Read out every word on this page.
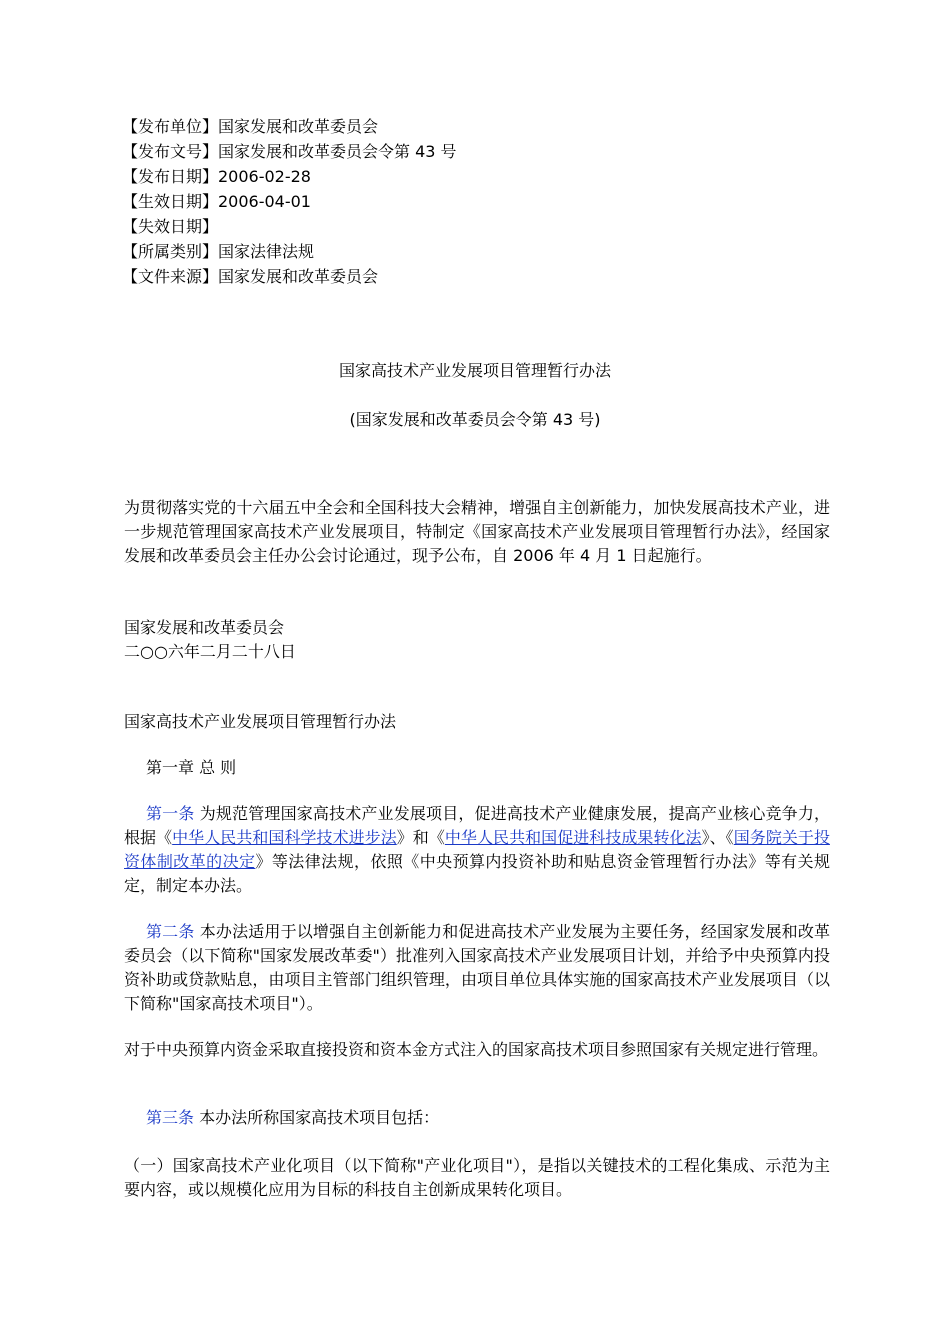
【发布单位】国家发展和改革委员会
【发布文号】国家发展和改革委员会令第 43 号
【发布日期】2006-02-28
【生效日期】2006-04-01
【失效日期】
【所属类别】国家法律法规
【文件来源】国家发展和改革委员会
国家高技术产业发展项目管理暂行办法
(国家发展和改革委员会令第 43 号)
为贯彻落实党的十六届五中全会和全国科技大会精神，增强自主创新能力，加快发展高技术产业，进一步规范管理国家高技术产业发展项目，特制定《国家高技术产业发展项目管理暂行办法》，经国家发展和改革委员会主任办公会讨论通过，现予公布，自 2006 年 4 月 1 日起施行。
国家发展和改革委员会
二○○六年二月二十八日
国家高技术产业发展项目管理暂行办法
第一章 总 则
第一条 为规范管理国家高技术产业发展项目，促进高技术产业健康发展，提高产业核心竞争力，根据《中华人民共和国科学技术进步法》和《中华人民共和国促进科技成果转化法》、《国务院关于投资体制改革的决定》等法律法规，依照《中央预算内投资补助和贴息资金管理暂行办法》等有关规定，制定本办法。
第二条 本办法适用于以增强自主创新能力和促进高技术产业发展为主要任务，经国家发展和改革委员会（以下简称"国家发展改革委"）批准列入国家高技术产业发展项目计划，并给予中央预算内投资补助或贷款贴息，由项目主管部门组织管理，由项目单位具体实施的国家高技术产业发展项目（以下简称"国家高技术项目"）。
对于中央预算内资金采取直接投资和资本金方式注入的国家高技术项目参照国家有关规定进行管理。
第三条 本办法所称国家高技术项目包括：
（一）国家高技术产业化项目（以下简称"产业化项目"），是指以关键技术的工程化集成、示范为主要内容，或以规模化应用为目标的科技自主创新成果转化项目。
